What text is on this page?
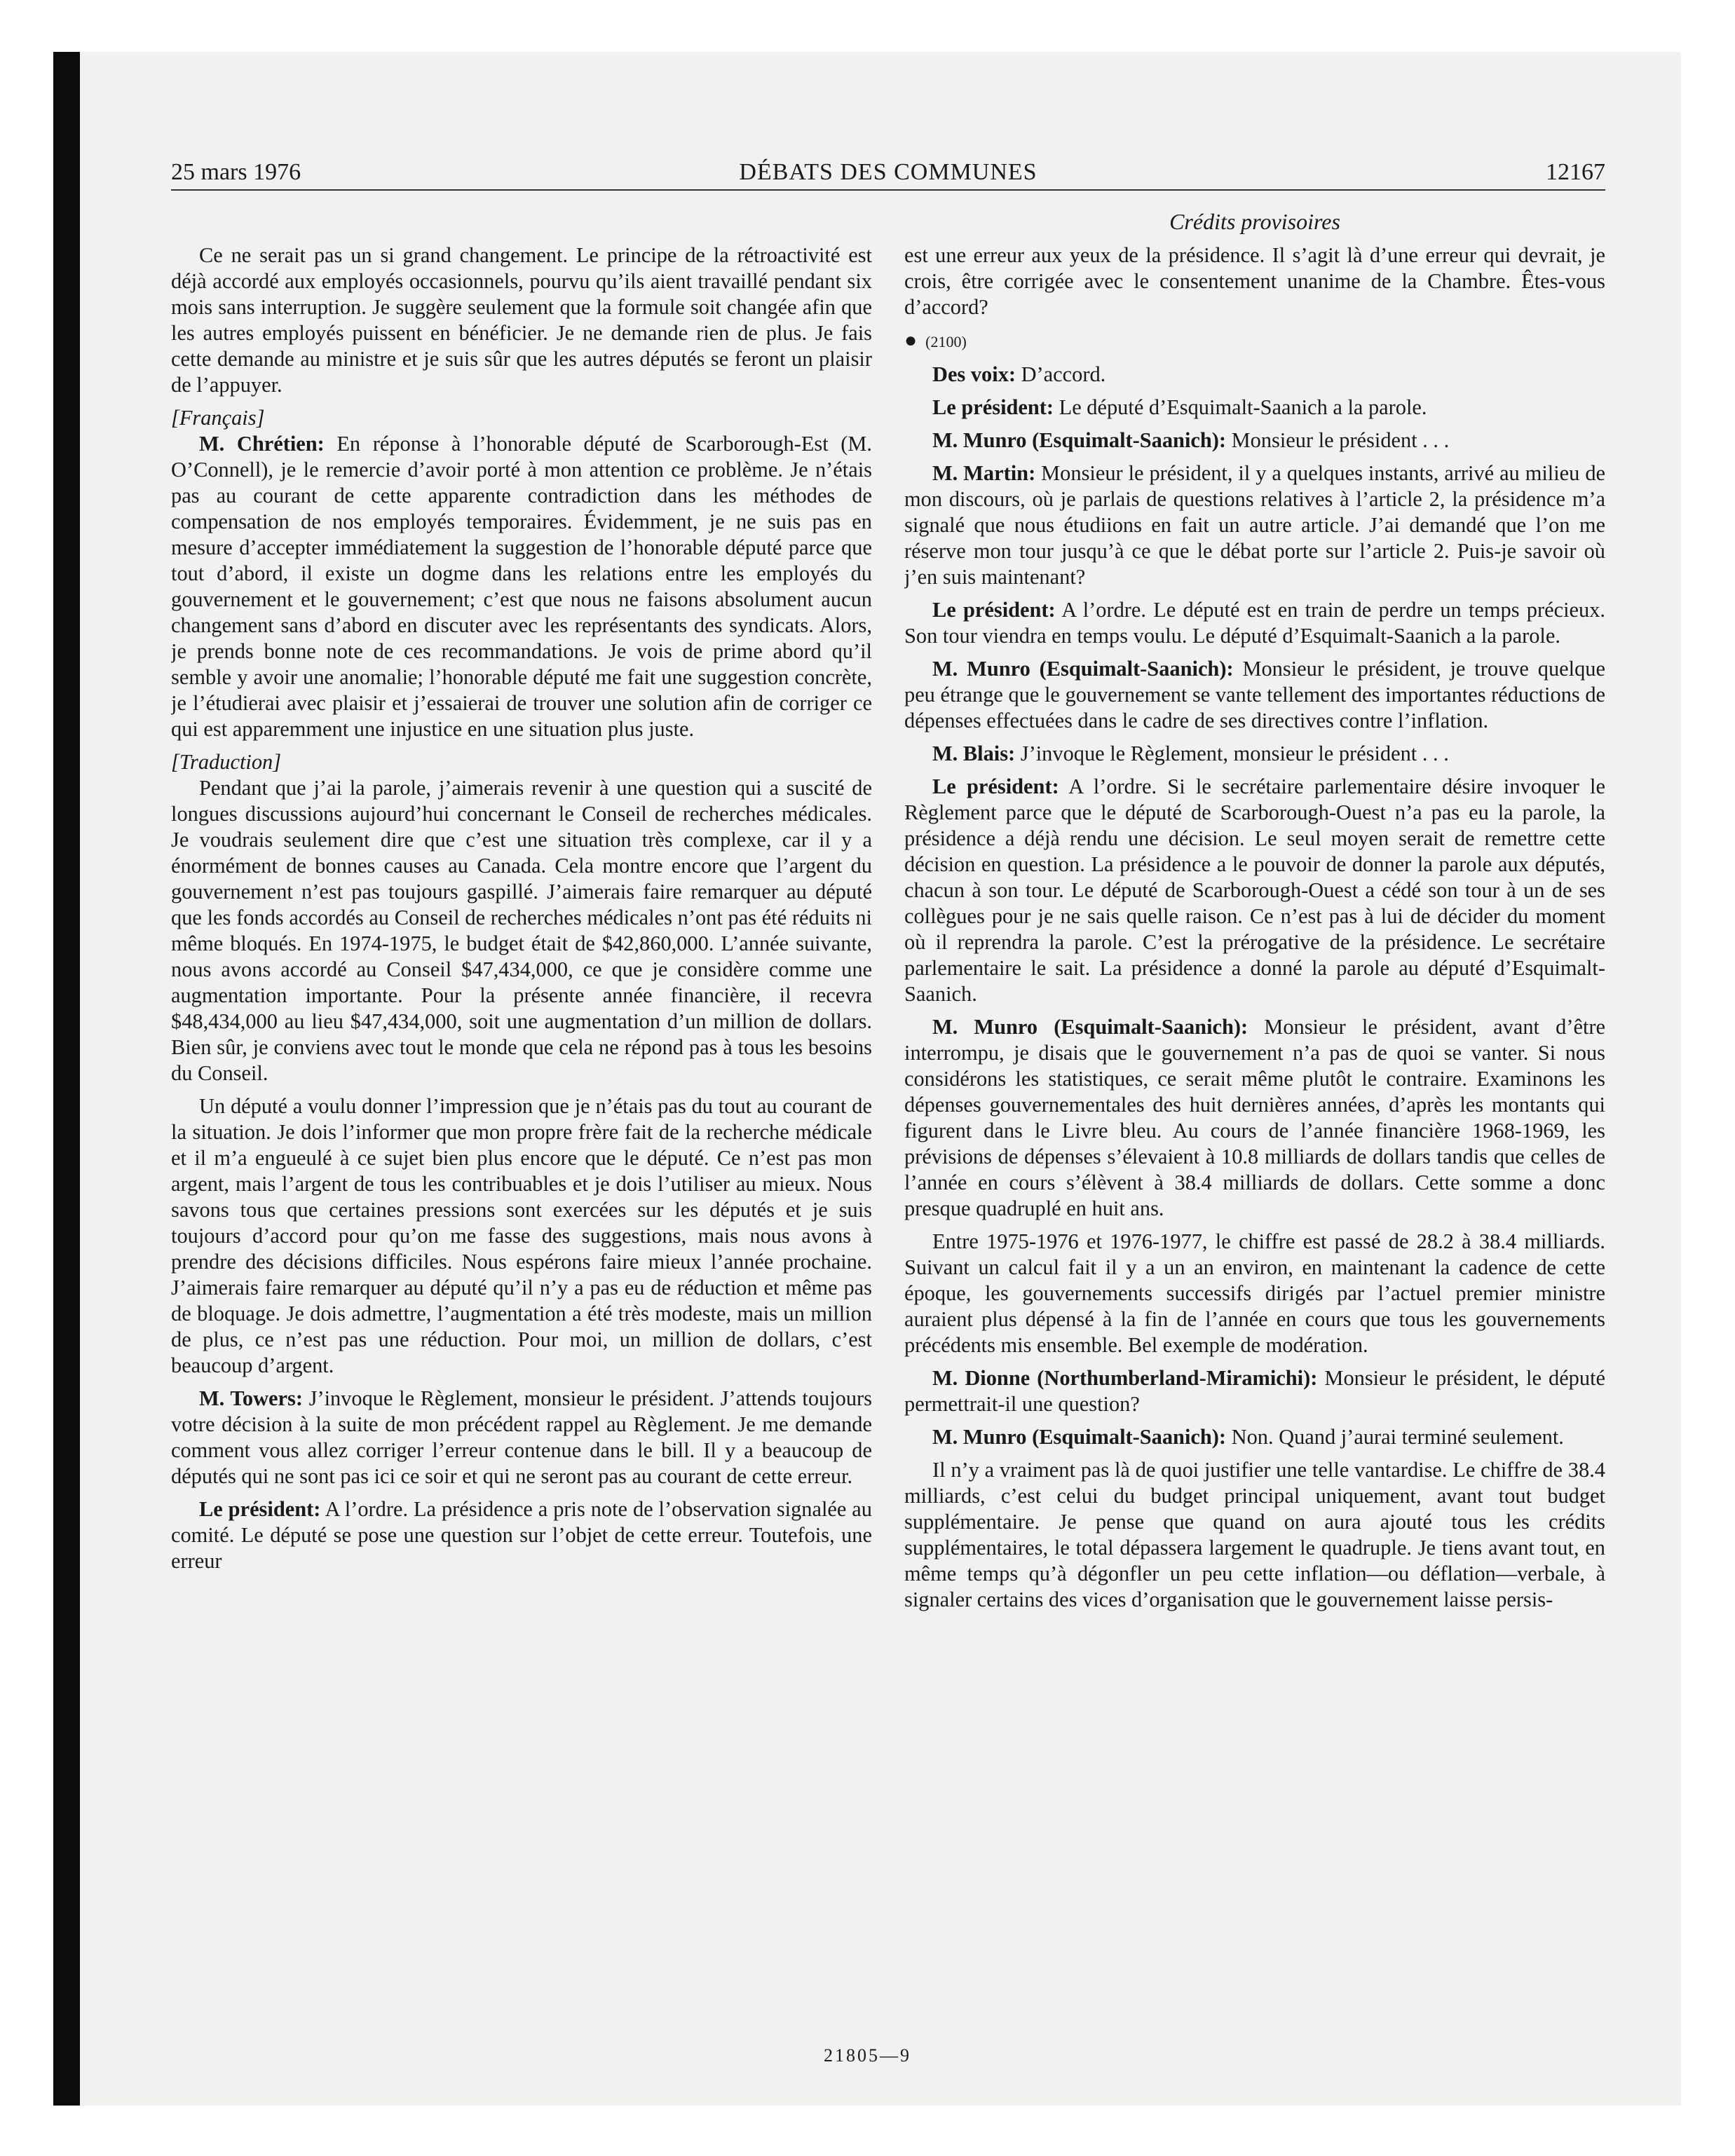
25 mars 1976	DÉBATS DES COMMUNES	12167
Crédits provisoires

Ce ne serait pas un si grand changement. Le principe de la rétroactivité est déjà accordé aux employés occasionnels, pourvu qu’ils aient travaillé pendant six mois sans interruption. Je suggère seulement que la formule soit changée afin que les autres employés puissent en bénéficier. Je ne demande rien de plus. Je fais cette demande au ministre et je suis sûr que les autres députés se feront un plaisir de l’appuyer.

[Français]

M. Chrétien: En réponse à l’honorable député de Scarborough-Est (M. O’Connell), je le remercie d’avoir porté à mon attention ce problème. Je n’étais pas au courant de cette apparente contradiction dans les méthodes de compensation de nos employés temporaires. Évidemment, je ne suis pas en mesure d’accepter immédiatement la suggestion de l’honorable député parce que tout d’abord, il existe un dogme dans les relations entre les employés du gouvernement et le gouvernement; c’est que nous ne faisons absolument aucun changement sans d’abord en discuter avec les représentants des syndicats. Alors, je prends bonne note de ces recommandations. Je vois de prime abord qu’il semble y avoir une anomalie; l’honorable député me fait une suggestion concrète, je l’étudierai avec plaisir et j’essaierai de trouver une solution afin de corriger ce qui est apparemment une injustice en une situation plus juste.

[Traduction]

Pendant que j’ai la parole, j’aimerais revenir à une question qui a suscité de longues discussions aujourd’hui concernant le Conseil de recherches médicales. Je voudrais seulement dire que c’est une situation très complexe, car il y a énormément de bonnes causes au Canada. Cela montre encore que l’argent du gouvernement n’est pas toujours gaspillé. J’aimerais faire remarquer au député que les fonds accordés au Conseil de recherches médicales n’ont pas été réduits ni même bloqués. En 1974-1975, le budget était de $42,860,000. L’année suivante, nous avons accordé au Conseil $47,434,000, ce que je considère comme une augmentation importante. Pour la présente année financière, il recevra $48,434,000 au lieu $47,434,000, soit une augmentation d’un million de dollars. Bien sûr, je conviens avec tout le monde que cela ne répond pas à tous les besoins du Conseil.

Un député a voulu donner l’impression que je n’étais pas du tout au courant de la situation. Je dois l’informer que mon propre frère fait de la recherche médicale et il m’a engueulé à ce sujet bien plus encore que le député. Ce n’est pas mon argent, mais l’argent de tous les contribuables et je dois l’utiliser au mieux. Nous savons tous que certaines pressions sont exercées sur les députés et je suis toujours d’accord pour qu’on me fasse des suggestions, mais nous avons à prendre des décisions difficiles. Nous espérons faire mieux l’année prochaine. J’aimerais faire remarquer au député qu’il n’y a pas eu de réduction et même pas de bloquage. Je dois admettre, l’augmentation a été très modeste, mais un million de plus, ce n’est pas une réduction. Pour moi, un million de dollars, c’est beaucoup d’argent.

M. Towers: J’invoque le Règlement, monsieur le président. J’attends toujours votre décision à la suite de mon précédent rappel au Règlement. Je me demande comment vous allez corriger l’erreur contenue dans le bill. Il y a beaucoup de députés qui ne sont pas ici ce soir et qui ne seront pas au courant de cette erreur.

Le président: A l’ordre. La présidence a pris note de l’observation signalée au comité. Le député se pose une question sur l’objet de cette erreur. Toutefois, une erreur

est une erreur aux yeux de la présidence. Il s’agit là d’une erreur qui devrait, je crois, être corrigée avec le consentement unanime de la Chambre. Êtes-vous d’accord?

● (2100)

Des voix: D’accord.

Le président: Le député d’Esquimalt-Saanich a la parole.

M. Munro (Esquimalt-Saanich): Monsieur le président . . .

M. Martin: Monsieur le président, il y a quelques instants, arrivé au milieu de mon discours, où je parlais de questions relatives à l’article 2, la présidence m’a signalé que nous étudiions en fait un autre article. J’ai demandé que l’on me réserve mon tour jusqu’à ce que le débat porte sur l’article 2. Puis-je savoir où j’en suis maintenant?

Le président: A l’ordre. Le député est en train de perdre un temps précieux. Son tour viendra en temps voulu. Le député d’Esquimalt-Saanich a la parole.

M. Munro (Esquimalt-Saanich): Monsieur le président, je trouve quelque peu étrange que le gouvernement se vante tellement des importantes réductions de dépenses effectuées dans le cadre de ses directives contre l’inflation.

M. Blais: J’invoque le Règlement, monsieur le président . . .

Le président: A l’ordre. Si le secrétaire parlementaire désire invoquer le Règlement parce que le député de Scarborough-Ouest n’a pas eu la parole, la présidence a déjà rendu une décision. Le seul moyen serait de remettre cette décision en question. La présidence a le pouvoir de donner la parole aux députés, chacun à son tour. Le député de Scarborough-Ouest a cédé son tour à un de ses collègues pour je ne sais quelle raison. Ce n’est pas à lui de décider du moment où il reprendra la parole. C’est la prérogative de la présidence. Le secrétaire parlementaire le sait. La présidence a donné la parole au député d’Esquimalt-Saanich.

M. Munro (Esquimalt-Saanich): Monsieur le président, avant d’être interrompu, je disais que le gouvernement n’a pas de quoi se vanter. Si nous considérons les statistiques, ce serait même plutôt le contraire. Examinons les dépenses gouvernementales des huit dernières années, d’après les montants qui figurent dans le Livre bleu. Au cours de l’année financière 1968-1969, les prévisions de dépenses s’élevaient à 10.8 milliards de dollars tandis que celles de l’année en cours s’élèvent à 38.4 milliards de dollars. Cette somme a donc presque quadruplé en huit ans.

Entre 1975-1976 et 1976-1977, le chiffre est passé de 28.2 à 38.4 milliards. Suivant un calcul fait il y a un an environ, en maintenant la cadence de cette époque, les gouvernements successifs dirigés par l’actuel premier ministre auraient plus dépensé à la fin de l’année en cours que tous les gouvernements précédents mis ensemble. Bel exemple de modération.

M. Dionne (Northumberland-Miramichi): Monsieur le président, le député permettrait-il une question?

M. Munro (Esquimalt-Saanich): Non. Quand j’aurai terminé seulement.

Il n’y a vraiment pas là de quoi justifier une telle vantardise. Le chiffre de 38.4 milliards, c’est celui du budget principal uniquement, avant tout budget supplémentaire. Je pense que quand on aura ajouté tous les crédits supplémentaires, le total dépassera largement le quadruple. Je tiens avant tout, en même temps qu’à dégonfler un peu cette inflation—ou déflation—verbale, à signaler certains des vices d’organisation que le gouvernement laisse persis-

21805—9
